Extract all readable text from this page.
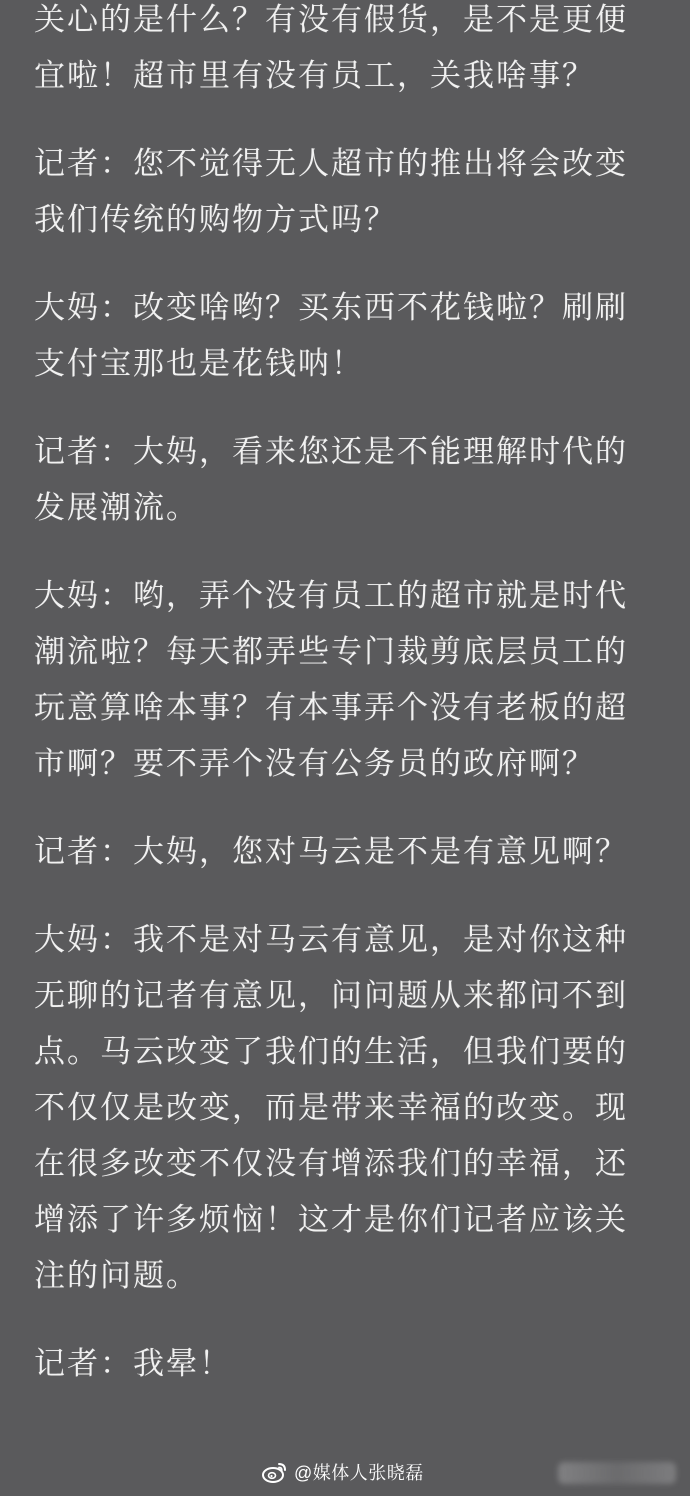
关心的是什么？有没有假货，是不是更便
宜啦！超市里有没有员工，关我啥事？
记者：您不觉得无人超市的推出将会改变
我们传统的购物方式吗？
大妈：改变啥哟？买东西不花钱啦？刷刷
支付宝那也是花钱呐！
记者：大妈，看来您还是不能理解时代的
发展潮流。
大妈：哟，弄个没有员工的超市就是时代
潮流啦？每天都弄些专门裁剪底层员工的
玩意算啥本事？有本事弄个没有老板的超
市啊？要不弄个没有公务员的政府啊？
记者：大妈，您对马云是不是有意见啊？
大妈：我不是对马云有意见，是对你这种
无聊的记者有意见，问问题从来都问不到
点。马云改变了我们的生活，但我们要的
不仅仅是改变，而是带来幸福的改变。现
在很多改变不仅没有增添我们的幸福，还
增添了许多烦恼！这才是你们记者应该关
注的问题。
记者：我晕！
@媒体人张晓磊
